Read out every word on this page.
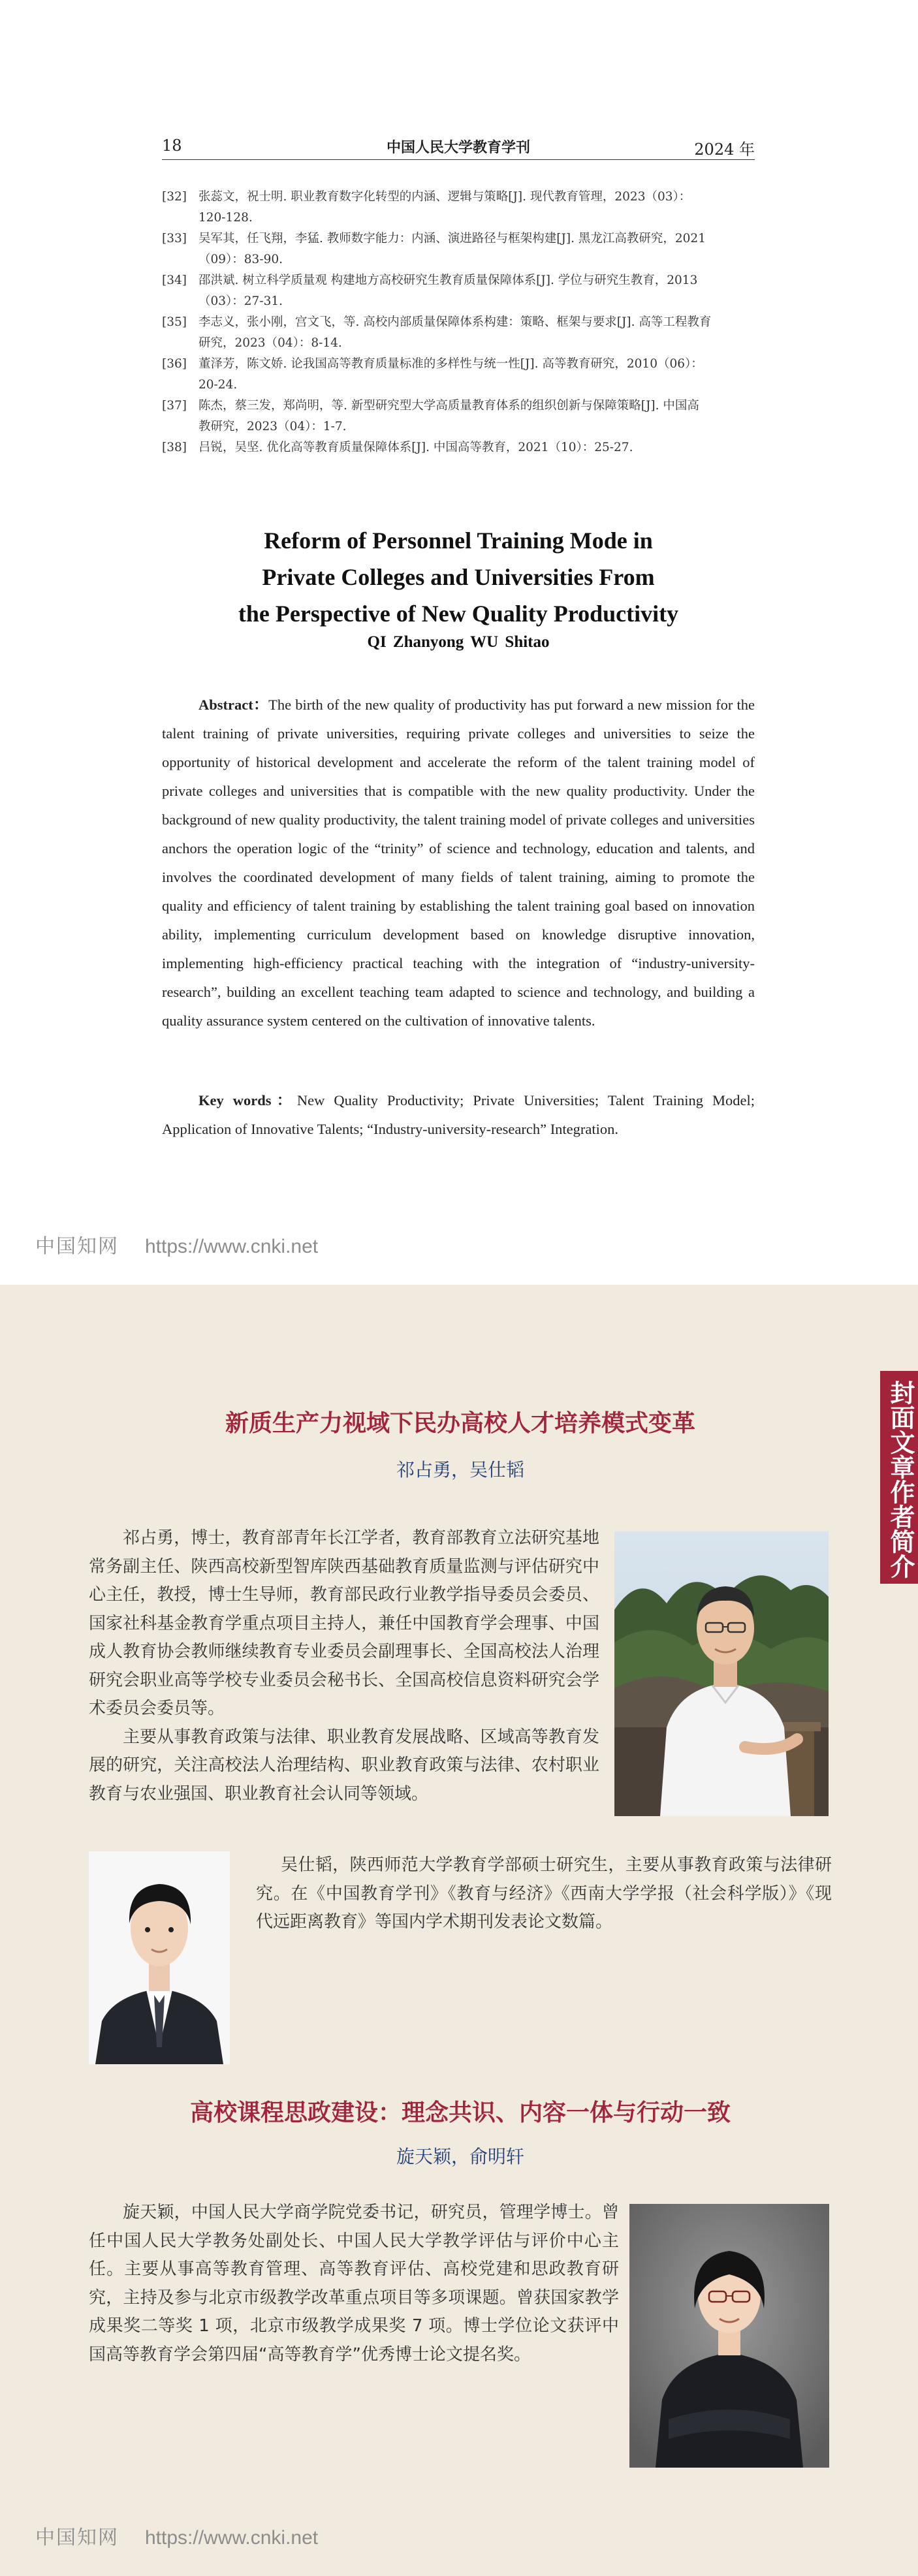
18	中国人民大学教育学刊	2024 年
[32] 张蕊文，祝士明. 职业教育数字化转型的内涵、逻辑与策略[J]. 现代教育管理，2023（03）：
120-128.
[33] 吴军其，任飞翔，李猛. 教师数字能力：内涵、演进路径与框架构建[J]. 黑龙江高教研究，2021
（09）：83-90.
[34] 邵洪斌. 树立科学质量观 构建地方高校研究生教育质量保障体系[J]. 学位与研究生教育，2013
（03）：27-31.
[35] 李志义，张小刚，宫文飞，等. 高校内部质量保障体系构建：策略、框架与要求[J]. 高等工程教育
研究，2023（04）：8-14.
[36] 董泽芳，陈文娇. 论我国高等教育质量标准的多样性与统一性[J]. 高等教育研究，2010（06）：
20-24.
[37] 陈杰，蔡三发，郑尚明，等. 新型研究型大学高质量教育体系的组织创新与保障策略[J]. 中国高
教研究，2023（04）：1-7.
[38] 吕锐，吴坚. 优化高等教育质量保障体系[J]. 中国高等教育，2021（10）：25-27.
Reform of Personnel Training Mode in
Private Colleges and Universities From
the Perspective of New Quality Productivity
QI Zhanyong WU Shitao
Abstract：The birth of the new quality of productivity has put forward a new mission for the talent training of private universities, requiring private colleges and universities to seize the opportunity of historical development and accelerate the reform of the talent training model of private colleges and universities that is compatible with the new quality productivity. Under the background of new quality productivity, the talent training model of private colleges and universities anchors the operation logic of the “trinity” of science and technology, education and talents, and involves the coordinated development of many fields of talent training, aiming to promote the quality and efficiency of talent training by establishing the talent training goal based on innovation ability, implementing curriculum development based on knowledge disruptive innovation, implementing high-efficiency practical teaching with the integration of “industry-university-research”, building an excellent teaching team adapted to science and technology, and building a quality assurance system centered on the cultivation of innovative talents.
Key words：New Quality Productivity; Private Universities; Talent Training Model; Application of Innovative Talents; “Industry-university-research” Integration.
中国知网 https://www.cnki.net
封面文章作者简介
新质生产力视域下民办高校人才培养模式变革
祁占勇，吴仕韬

祁占勇，博士，教育部青年长江学者，教育部教育立法研究基地常务副主任、陕西高校新型智库陕西基础教育质量监测与评估研究中心主任，教授，博士生导师，教育部民政行业教学指导委员会委员、国家社科基金教育学重点项目主持人，兼任中国教育学会理事、中国成人教育协会教师继续教育专业委员会副理事长、全国高校法人治理研究会职业高等学校专业委员会秘书长、全国高校信息资料研究会学术委员会委员等。

主要从事教育政策与法律、职业教育发展战略、区域高等教育发展的研究，关注高校法人治理结构、职业教育政策与法律、农村职业教育与农业强国、职业教育社会认同等领域。

吴仕韬，陕西师范大学教育学部硕士研究生，主要从事教育政策与法律研究。在《中国教育学刊》《教育与经济》《西南大学学报（社会科学版）》《现代远距离教育》等国内学术期刊发表论文数篇。

高校课程思政建设：理念共识、内容一体与行动一致
旋天颖，俞明轩

旋天颖，中国人民大学商学院党委书记，研究员，管理学博士。曾任中国人民大学教务处副处长、中国人民大学教学评估与评价中心主任。主要从事高等教育管理、高等教育评估、高校党建和思政教育研究，主持及参与北京市级教学改革重点项目等多项课题。曾获国家教学成果奖二等奖 1 项，北京市级教学成果奖 7 项。博士学位论文获评中国高等教育学会第四届“高等教育学”优秀博士论文提名奖。

中国知网 https://www.cnki.net
